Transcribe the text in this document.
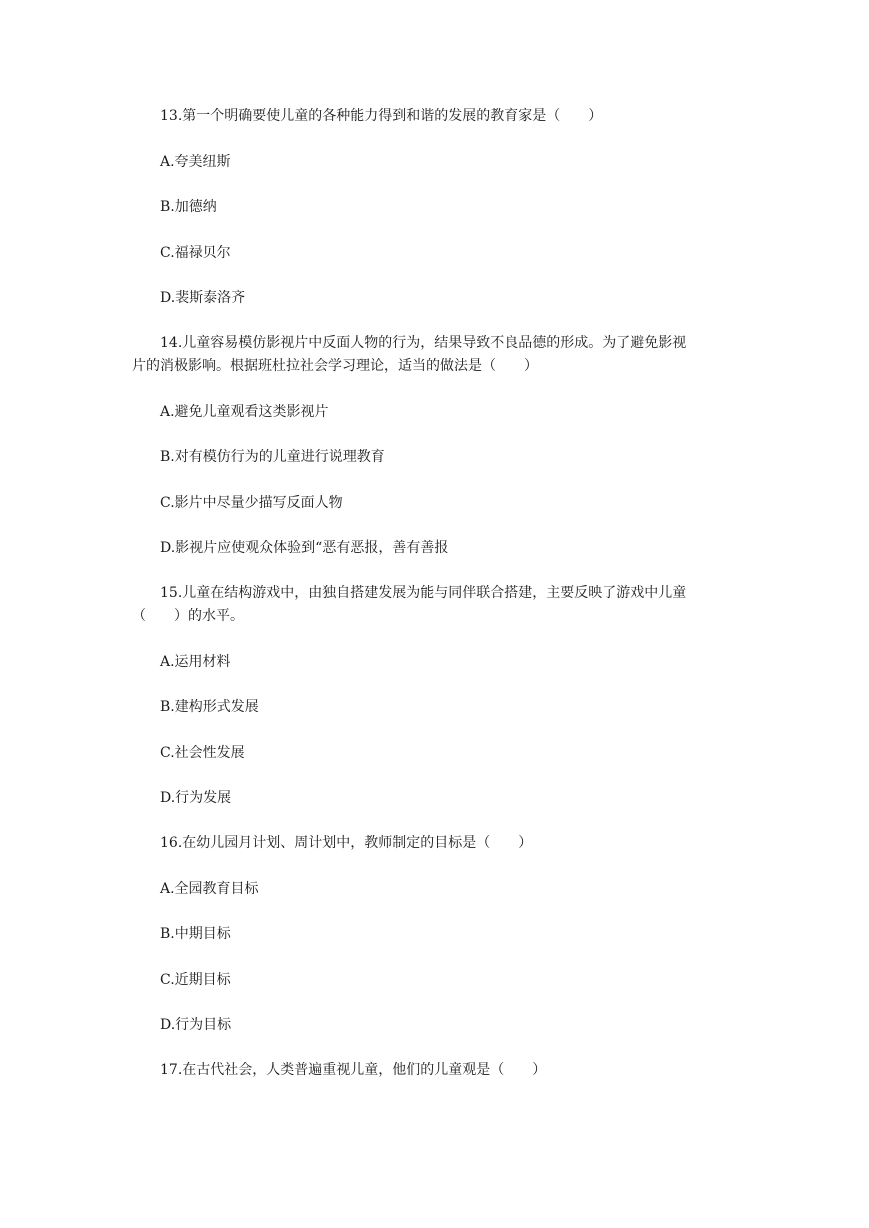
13.第一个明确要使儿童的各种能力得到和谐的发展的教育家是（　　）
A.夸美纽斯
B.加德纳
C.福禄贝尔
D.裴斯泰洛齐
14.儿童容易模仿影视片中反面人物的行为，结果导致不良品德的形成。为了避免影视
片的消极影响。根据班杜拉社会学习理论，适当的做法是（　　）
A.避免儿童观看这类影视片
B.对有模仿行为的儿童进行说理教育
C.影片中尽量少描写反面人物
D.影视片应使观众体验到“恶有恶报，善有善报
15.儿童在结构游戏中，由独自搭建发展为能与同伴联合搭建，主要反映了游戏中儿童
（　　）的水平。
A.运用材料
B.建构形式发展
C.社会性发展
D.行为发展
16.在幼儿园月计划、周计划中，教师制定的目标是（　　）
A.全园教育目标
B.中期目标
C.近期目标
D.行为目标
17.在古代社会，人类普遍重视儿童，他们的儿童观是（　　）
